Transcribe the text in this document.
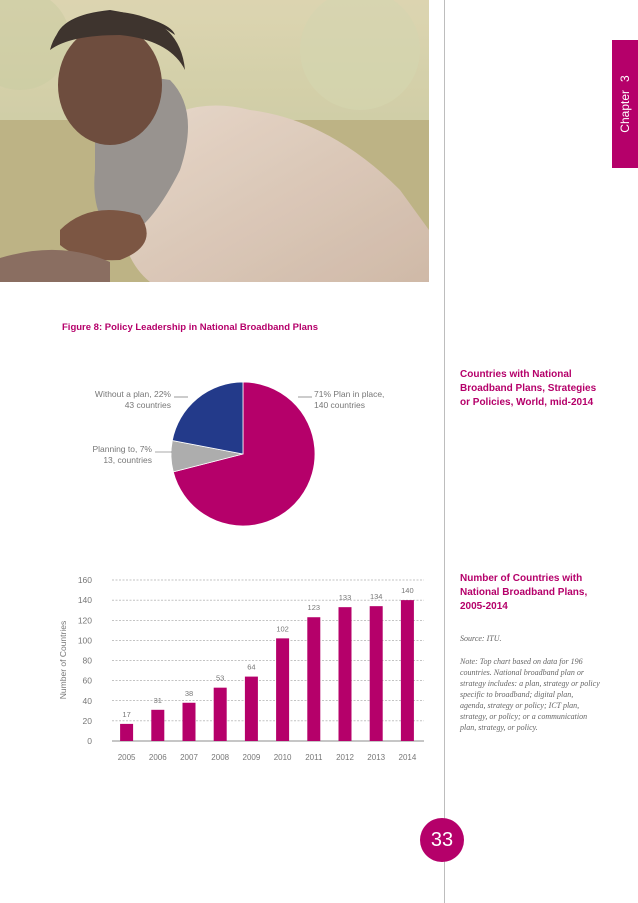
Chapter3
Figure 8: Policy Leadership in National Broadband Plans
Countries with National Broadband Plans, Strategies or Policies, World, mid-2014
Number of Countries with National Broadband Plans, 2005-2014
Source: ITU.
Note: Top chart based on data for 196 countries. National broadband plan or strategy includes: a plan, strategy or policy specific to broadband; digital plan, agenda, strategy or policy; ICT plan, strategy, or policy; or a communication plan, strategy, or policy.
71% Plan in place,
140 countries
Planning to, 7%
13, countries
Without a plan, 22%
43 countries
0
20
40
60
80
100
120
140
160
17
2005
31
2006
38
2007
53
2008
64
2009
102
2010
123
2011
133
2012
134
2013
140
2014
Number of Countries
33
